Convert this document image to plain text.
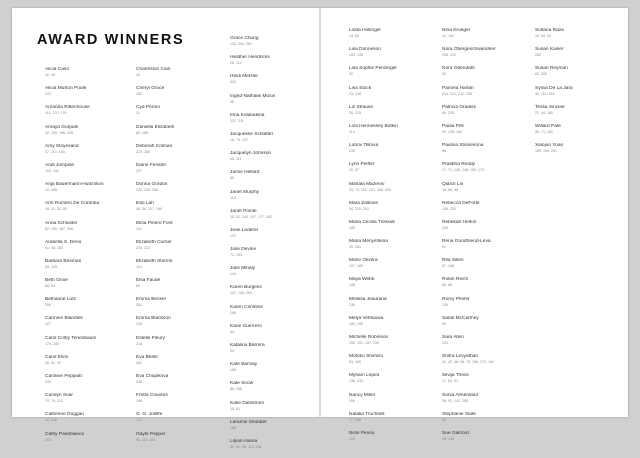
AWARD WINNERS
Alicia Caso
42, 49
Alicia Murton Poole
222
Amanda Rittenhouse
111, 170, 176
Amaya Gurpide
92, 150, 196, 208
Amy Stoyesand
37, 113, 184
Andi Jompole
103, 194
Anja Bauermann-Hutchison
12, 266
Ann Romero De Cordoba
18, 31, 52, 84
Anna Schluster
82, 150, 187, 206
Arabella S. Dena
41, 48, 183
Barbara Beeman
69, 125
Beth Gnoe
66, 94
Bethanne Lutz
206
Carmine Blandelli
227
Carol Colby Tenenbaum
174, 283
Carol Elvin
36, 91, 92
Caroline Peppiatt
244
Carolyn Suar
70, 79, 112
Catherine Duggan
42, 236
Cathy Panebianco
203
Charleston Cain
45
Cheryl Groce
152
Cyd Peroni
12
Daniella Elizabeth
82, 180
Deborah Colman
223, 265
Diane Fenster
237
Donna Gordon
228, 234, 268
Edo Lah
36, 39, 127, 160
Elisa Pinero Font
110
Elizabeth Currier
210, 212
Elizabeth Storms
113
Elsa Faudé
69
Emma Becker
281
Emma Blackson
128
Estelle Fleury
218
Eva Beiter
262
Eva Chupikova
248
Fretta Cravens
198
G. G. Jolliffe
113
Gayle Pepper
96, 111, 154
Grace Chung
133, 200, 281
Heather Hendricks
28, 112
Heidi Metzler
243
Ingrid-Nathalie Mizun
38
Irina Kolubakina
137, 211
Jacqueline Schlatter
16, 73, 137
Jacquelyn Johnson
96, 111
Jamie Hellard
65
Janet Murphy
113
Janet Pointe
15, 52, 140, 157, 177, 262
Jean Lederer
101
Julie Devine
72, 153
Julie Mihaly
144
Karen Burgess
102, 145, 264
Karen Constine
266
Karie Guerrero
64
Katalina Barrera
94
Kate Barclay
180
Kate Snow
86, 156
Katie Dahlstrom
15, 61
Laramie Shubber
180
Lilyan Alama
42, 81, 96, 113, 181
Linda Hollinger
13, 65
Lisa Donneson
109, 136
Lisa Sophie Penzinger
32
Lisa Stock
13, 148
Liz Strause
30, 215
Liza Hennessey Botkin
112
Lubov Tsitova
235
Lynn Peiffer
30, 87
Mahala Mazerov
25, 74, 100, 101, 196, 203
Mara Zaslove
90, 225, 251
Maria Cecilia Tressidi
186
Maria Menyshkina
35, 281
Marie Olivera
107, 169
Maya Webb
148
Melissa Jeaurand
236
Merja Vehkavaa
184, 195
Michelle Robinson
150, 151, 157, 239
Motoko Shimizu
63, 180
Myriam Lepiot
136, 233
Nancy Miller
106
Natalia Truchsell
77, 208
Nicki Penou
212
Nina Krueger
12, 104
Nora Obergeschwandner
158, 202
Nora Odendahl
53
Pamela Harlan
210, 222, 232, 236
Patricia Gradiss
80, 255
Paula Pirk
93, 128, 164
Paulina Stoniesona
96
Pratibha Reddy
17, 71, 145, 148, 163, 170
Qianzi Lin
18, 88, 98
Rebecca DeForte
136, 253
Rebekah Helton
239
Rena Goodfriend-Leva
91
Rita Sillen
67, 168
Robin Reich
65, 86
Romy Pfeifer
135
Sandi McCartney
99
Sara Allen
224
Shifra Levyathan
41, 42, 48, 58, 78, 156, 172, 194
Silvija Treice
17, 53, 91
Sonia Almendoid
38, 91, 142, 180
Stephanie Slate
92
Sue Oakford
19, 138
Sultana Raza
34, 84, 94
Susan Kaiser
262
Susan Reyman
82, 209
Sylvia De La Jara
39, 111, 162
Tessa Sinclair
21, 44, 180
Willard Pate
50, 71, 162
Xiaojuo Yuan
169, 190, 261
